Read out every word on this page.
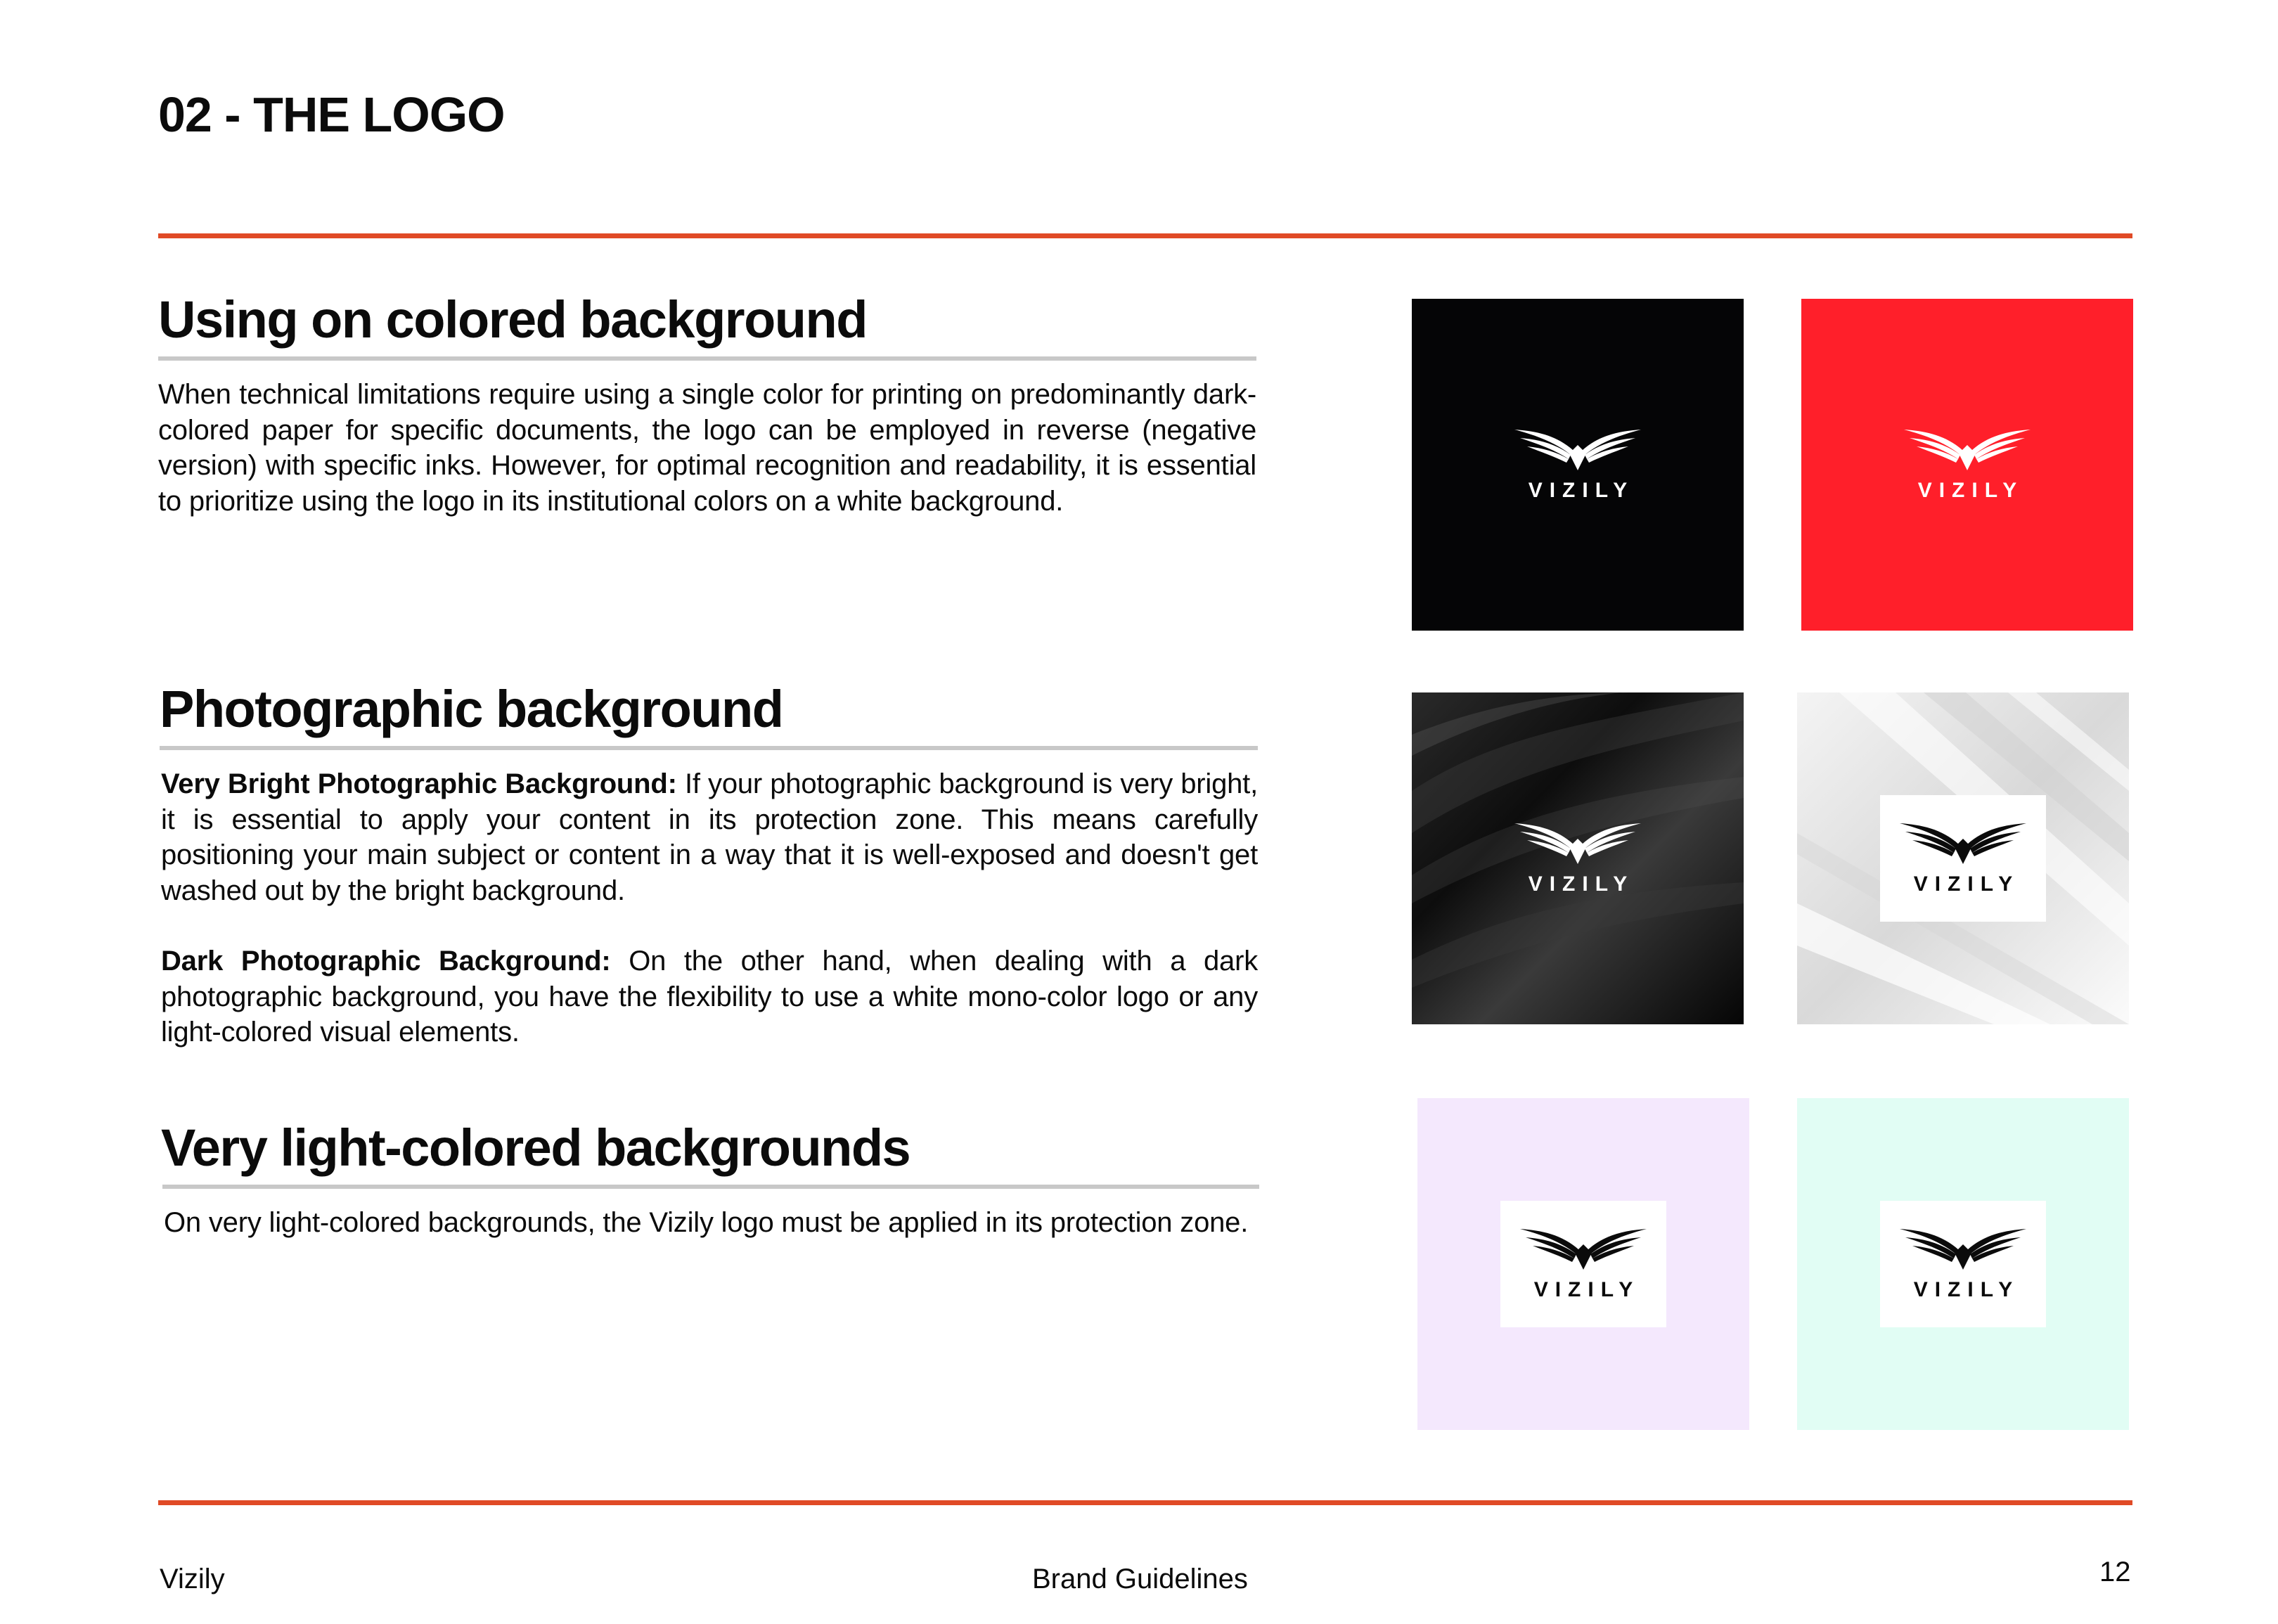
02 - THE LOGO
Using on colored background

When technical limitations require using a single color for printing on predominantly dark-colored paper for specific documents, the logo can be employed in reverse (negative version) with specific inks. However, for optimal recognition and readability, it is essential to prioritize using the logo in its institutional colors on a white background.

Photographic background

Very Bright Photographic Background: If your photographic background is very bright, it is essential to apply your content in its protection zone. This means carefully positioning your main subject or content in a way that it is well-exposed and doesn't get washed out by the bright background.

Dark Photographic Background: On the other hand, when dealing with a dark photographic background, you have the flexibility to use a white mono-color logo or any light-colored visual elements.

Very light-colored backgrounds

On very light-colored backgrounds, the Vizily logo must be applied in its protection zone.

VIZILY	VIZILY
VIZILY	VIZILY
VIZILY	VIZILY
Vizily	Brand Guidelines	12
